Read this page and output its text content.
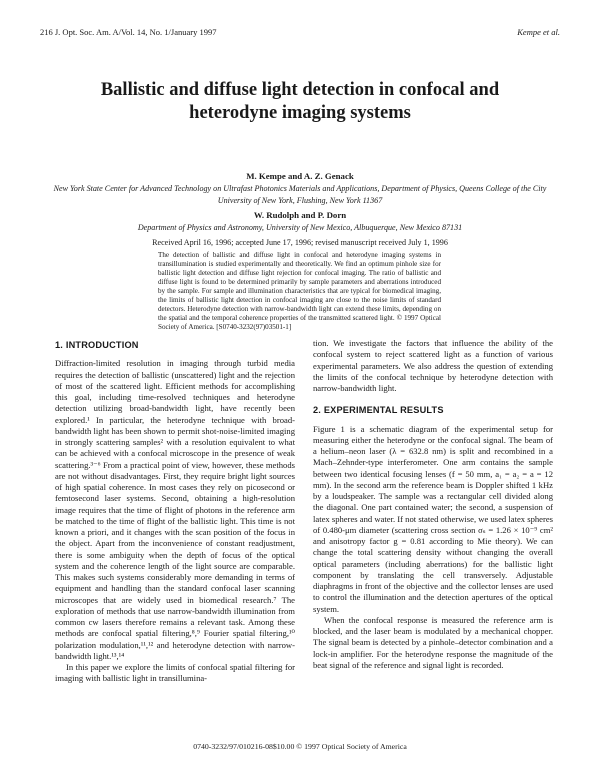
216 J. Opt. Soc. Am. A/Vol. 14, No. 1/January 1997	Kempe et al.
Ballistic and diffuse light detection in confocal and heterodyne imaging systems
M. Kempe and A. Z. Genack
New York State Center for Advanced Technology on Ultrafast Photonics Materials and Applications, Department of Physics, Queens College of the City University of New York, Flushing, New York 11367
W. Rudolph and P. Dorn
Department of Physics and Astronomy, University of New Mexico, Albuquerque, New Mexico 87131
Received April 16, 1996; accepted June 17, 1996; revised manuscript received July 1, 1996
The detection of ballistic and diffuse light in confocal and heterodyne imaging systems in transillumination is studied experimentally and theoretically. We find an optimum pinhole size for ballistic light detection and diffuse light rejection for confocal imaging. The ratio of ballistic and diffuse light is found to be determined primarily by sample parameters and aberrations introduced by the sample. For sample and illumination characteristics that are typical for biomedical imaging, the limits of ballistic light detection in confocal imaging are close to the noise limits of standard detectors. Heterodyne detection with narrow-bandwidth light can extend these limits, depending on the spatial and the temporal coherence properties of the transmitted scattered light. © 1997 Optical Society of America. [S0740-3232(97)03501-1]
1. INTRODUCTION

Diffraction-limited resolution in imaging through turbid media requires the detection of ballistic (unscattered) light and the rejection of most of the scattered light. Efficient methods for accomplishing this goal, including time-resolved techniques and heterodyne detection utilizing broad-bandwidth light, have recently been explored.¹ In particular, the heterodyne technique with broad-bandwidth light has been shown to permit shot-noise-limited imaging in strongly scattering samples² with a resolution equivalent to what can be achieved with a confocal microscope in the presence of weak scattering.³⁻⁶ From a practical point of view, however, these methods are not without disadvantages. First, they require bright light sources of high spatial coherence. In most cases they rely on picosecond or femtosecond laser systems. Second, obtaining a high-resolution image requires that the time of flight of photons in the reference arm be matched to the time of flight of the ballistic light. This time is not known a priori, and it changes with the scan position of the focus in the object. Apart from the inconvenience of constant readjustment, there is some ambiguity when the depth of focus of the optical system and the coherence length of the light source are comparable. This makes such systems considerably more demanding in terms of equipment and handling than the standard confocal laser scanning microscopes that are widely used in biomedical research.⁷ The exploration of methods that use narrow-bandwidth illumination from common cw lasers therefore remains a relevant task. Among these methods are confocal spatial filtering,⁸,⁹ Fourier spatial filtering,¹⁰ polarization modulation,¹¹,¹² and heterodyne detection with narrow-bandwidth light.¹³,¹⁴

In this paper we explore the limits of confocal spatial filtering for imaging with ballistic light in transillumina-

tion. We investigate the factors that influence the ability of the confocal system to reject scattered light as a function of various experimental parameters. We also address the question of extending the limits of the confocal technique by heterodyne detection with narrow-bandwidth light.

2. EXPERIMENTAL RESULTS

Figure 1 is a schematic diagram of the experimental setup for measuring either the heterodyne or the confocal signal. The beam of a helium–neon laser (λ = 632.8 nm) is split and recombined in a Mach–Zehnder-type interferometer. One arm contains the sample between two identical focusing lenses (f = 50 mm, a₁ = a₂ = a = 12 mm). In the second arm the reference beam is Doppler shifted 1 kHz by a loudspeaker. The sample was a rectangular cell divided along the diagonal. One part contained water; the second, a suspension of latex spheres and water. If not stated otherwise, we used latex spheres of 0.480-μm diameter (scattering cross section σₛ = 1.26 × 10⁻⁹ cm² and anisotropy factor g = 0.81 according to Mie theory). We can change the total scattering density without changing the overall optical parameters (including aberrations) for the ballistic light component by translating the cell transversely. Adjustable diaphragms in front of the objective and the collector lenses are used to control the illumination and the detection apertures of the optical system.

When the confocal response is measured the reference arm is blocked, and the laser beam is modulated by a mechanical chopper. The signal beam is detected by a pinhole–detector combination and a lock-in amplifier. For the heterodyne response the magnitude of the beat signal of the reference and signal light is recorded.

0740-3232/97/010216-08$10.00 © 1997 Optical Society of America
